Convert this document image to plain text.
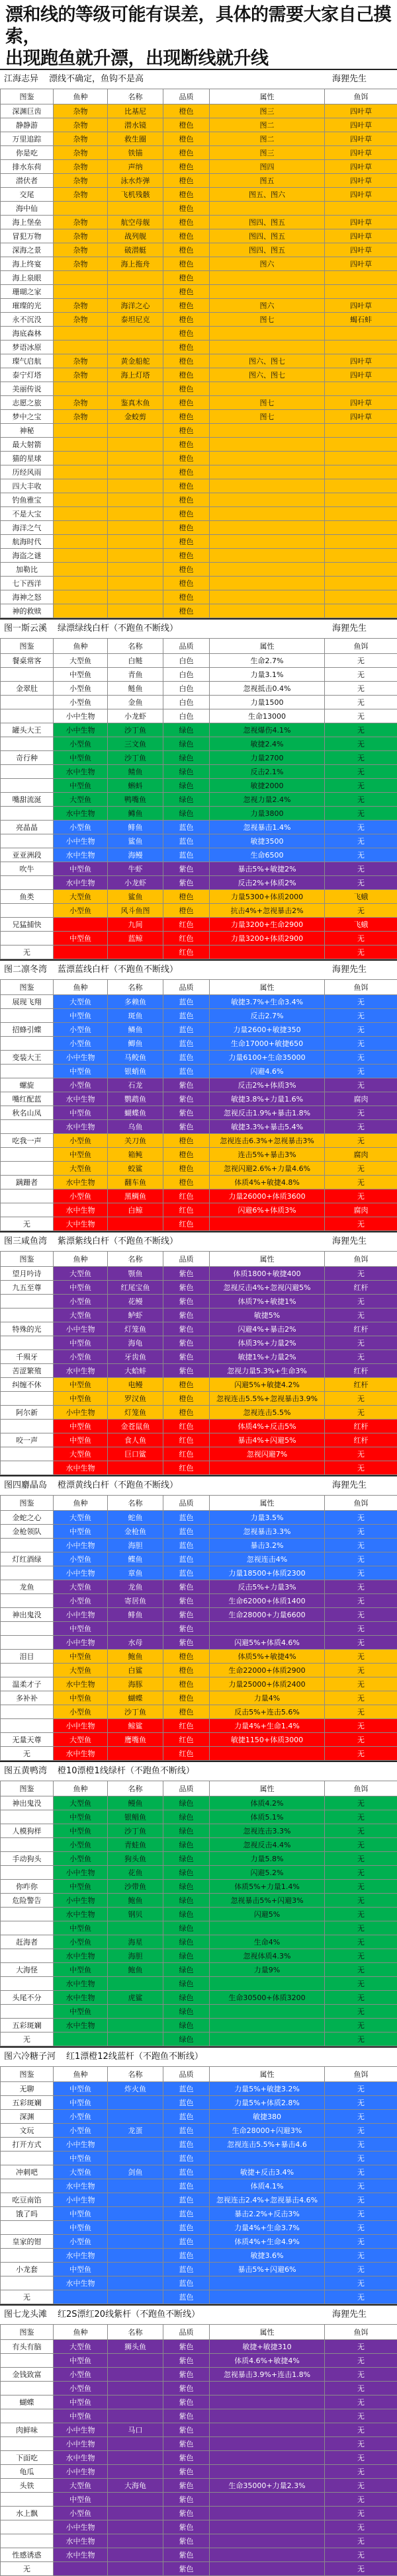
漂和线的等级可能有误差，具体的需要大家自己摸索，
出现跑鱼就升漂，出现断线就升线
江海志异 漂线不确定，鱼钩不是高	海狸先生
图鉴	鱼种	名称	品质	属性	鱼饵
深渊巨齿	杂物	比基尼	橙色	图三	四叶草
静静游	杂物	潜水镜	橙色	图二	四叶草
万里追踪	杂物	救生圈	橙色	图二	四叶草
你是吃	杂物	铁锚	橙色	图三	四叶草
排水东荷	杂物	声纳	橙色	图四	四叶草
潜伏者	杂物	泳水炸弹	橙色	图五	四叶草
交尾	杂物	飞机残骸	橙色	图五、图六	四叶草
海中仙			橙色		
海上堡垒	杂物	航空母舰	橙色	图四、图五	四叶草
冒犯万物	杂物	战列舰	橙色	图四、图五	四叶草
深海之景	杂物	破潜艇	橙色	图四、图五	四叶草
海上终宴	杂物	海上拖舟	橙色	图六	四叶草
海上泉眼			橙色		
珊瑚之家			橙色		
璀璨的光	杂物	海洋之心	橙色	图六	四叶草
永不沉没	杂物	泰坦尼克	橙色	图七	蝎石蚌
海底森林			橙色		
梦语冰原			橙色		
璨气启航	杂物	黄金船舵	橙色	图六、图七	四叶草
泰宁灯塔	杂物	海上灯塔	橙色	图六、图七	四叶草
美丽传说			橙色		
志愿之旅	杂物	鉴真木鱼	橙色	图七	四叶草
梦中之宝	杂物	金蛟剪	橙色	图七	四叶草
神秘			橙色		
最大射箭			橙色		
猫的星球			橙色		
历经风雨			橙色		
四大丰收			橙色		
钓鱼雅宝			橙色		
不是大宝			橙色		
海洋之气			橙色		
航海时代			橙色		
海盗之谜			橙色		
加勒比			橙色		
七下西洋			橙色		
海神之怒			橙色		
神的救赎			橙色		
图一斯云溪 绿漂绿线白杆（不跑鱼不断线）	海狸先生
图鉴	鱼种	名称	品质	属性	鱼饵
餐桌常客	大型鱼	白鲢	白色	生命2.7%	无
	中型鱼	青鱼	白色	力量3.1%	无
金翠肚	小型鱼	鲢鱼	白色	忽视抵击0.4%	无
	小型鱼	金鱼	白色	力量1500	无
	小中生物	小龙虾	白色	生命13000	无
罐头大王	小中生物	沙丁鱼	绿色	忽视爆伤4.1%	无
	小型鱼	三文鱼	绿色	敏捷2.4%	无
奇行种	中型鱼	沙丁鱼	绿色	力量2700	无
	水中生物	鲭鱼	绿色	反击2.1%	无
	中型鱼	蝌蚪	绿色	敏捷2000	无
嘴甜流涎	大型鱼	鸭嘴鱼	绿色	忽视力量2.4%	无
	水中生物	鳟鱼	绿色	力量3800	无
亮晶晶	小型鱼	鲱鱼	蓝色	忽视暴击1.4%	无
	小中生物	鲨鱼	蓝色	敏捷3500	无
亚亚洲段	水中生物	海鳗	蓝色	生命6500	无
吹牛	中型鱼	牛虾	紫色	暴击5%+敏捷2%	无
	水中生物	小龙虾	紫色	反击2%+体质2%	无
鱼类	大型鱼	鲨鱼	橙色	力量5300+体质2000	飞蛾
	小型鱼	风斗鱼图	橙色	抗击4%+忽视暴击2%	无
兄猛捕快		九间	红色	力量3200+生命2900	飞蛾
	中型鱼	蓝鲸	红色	力量3200+体质2900	无
无			红色		无
图二凛冬湾 蓝漂蓝线白杆（不跑鱼不断线）	海狸先生
图鉴	鱼种	名称	品质	属性	鱼饵
展现飞翔	大型鱼	多赖鱼	蓝色	敏捷3.7%+生命3.4%	无
	中型鱼	斑鱼	蓝色	反击2.7%	无
招蜂引蝶	小型鱼	鳞鱼	蓝色	力量2600+敏捷350	无
	小型鱼	鲫鱼	蓝色	生命17000+敏捷650	无
变装大王	小中生物	马鲛鱼	蓝色	力量6100+生命35000	无
	中型鱼	银蛸鱼	蓝色	闪避4.6%	无
螺旋	小型鱼	石龙	紫色	反击2%+体质3%	无
嘴红配蓝	水中生物	鹦鹉鱼	紫色	敏捷3.8%+力量1.6%	腐肉
秋名山凤	中型鱼	蝴蝶鱼	紫色	忽视反击1.9%+暴击1.8%	无
	水中生物	乌鱼	紫色	敏捷3.3%+暴击5.4%	无
吃我一声	小型鱼	关刀鱼	橙色	忽视连击6.3%+忽视暴击3%	无
	中型鱼	箱鲀	橙色	连击5%+暴击3%	腐肉
	大型鱼	蛟鲨	橙色	忽视闪避2.6%+力量4.6%	无
蹒跚者	水中生物	翻车鱼	橙色	体质4%+敏捷4.8%	无
	小型鱼	黑鲷鱼	红色	力量26000+体质3600	无
	水中生物	白鲸	红色	闪避6%+体质3%	腐肉
无	大中生物		红色		无
图三咸鱼湾 紫漂紫线白杆（不跑鱼不断线）	海狸先生
图鉴	鱼种	名称	品质	属性	鱼饵
望月吟诗	大型鱼	颚鱼	紫色	体质1800+敏捷400	无
九五至尊	中型鱼	红尾宝鱼	紫色	忽视反击4%+忽视闪避5%	红杆
	小型鱼	花鳗	紫色	体质7%+敏捷1%	无
	大型鱼	鲈虾	紫色	敏捷5%	无
特殊的光	小中生物	灯笼鱼	紫色	闪避4%+暴击2%	红杆
	中型鱼	海龟	紫色	体质3%+力量2%	无
千殒牙	小型鱼	牙齿鱼	紫色	敏捷1%+力量2%	无
苦涩繁殖	水中生物	大蛤蚌	紫色	忽视力量5.3%+生命3%	红杆
纠缠不休	中型鱼	电鳗	橙色	闪避5%+敏捷4.2%	红杆
	中型鱼	罗汉鱼	橙色	忽视连击5.5%+忽视暴击3.9%	无
阿尔新	小中生物	灯笼鱼	橙色	忽视连击5.5%	无
	中型鱼	金苍鼠鱼	红色	体质4%+反击5%	红杆
咬一声	中型鱼	食人鱼	红色	暴击4%+闪避5%	红杆
	大型鱼	巨口鲨	红色	忽视闪避7%	无
	水中生物		红色		无
图四麝晶岛 橙漂黄线白杆（不跑鱼不断线）	海狸先生
图鉴	鱼种	名称	品质	属性	鱼饵
金蛇之心	大型鱼	蛇鱼	蓝色	力量3.5%	无
金枪领队	中型鱼	金枪鱼	蓝色	忽视暴击3.3%	无
	小中生物	海胆	蓝色	暴击3.2%	无
灯红酒绿	小型鱼	鲽鱼	蓝色	忽视连击4%	无
	小中生物	章鱼	蓝色	力量18500+体质2300	无
龙鱼	大型鱼	龙鱼	紫色	反击5%+力量3%	无
	小型鱼	寄居鱼	紫色	生命62000+体质1400	无
神出鬼没	小中生物	鲱鱼	紫色	生命28000+力量6600	无
	中型鱼		紫色		无
	小中生物	水母	紫色	闪避5%+体质4.6%	无
泪目	中型鱼	鲍鱼	橙色	体质5%+敏捷4%	无
	大型鱼	白鲨	橙色	生命22000+体质2900	无
温柔才子	水中生物	海豚	橙色	力量25000+体质2400	无
多补补	中型鱼	蝴蝶	橙色	力量4%	无
	小型鱼	沙丁鱼	橙色	反击5%+连击5.6%	无
	小中生物	鲸鲨	红色	力量4%+生命1.4%	无
无量天尊	大型鱼	鹰嘴鱼	红色	敏捷1150+体质3000	无
无	水中生物		红色		无
图五黄鸭湾 橙10漂橙1线绿杆（不跑鱼不断线）
图鉴	鱼种	名称	品质	属性	鱼饵
神出鬼没	大型鱼	鳗鱼	绿色	体质4.2%	无
	中型鱼	银鲳鱼	绿色	体质5.1%	无
人模狗样	中型鱼	沙丁鱼	绿色	忽视连击3.3%	无
	小型鱼	青蛙鱼	绿色	忽视反击4.4%	无
手动狗头	小型鱼	狗头鱼	绿色	力量5.8%	无
	小中生物	花鱼	绿色	闪避5.2%	无
你咋你	中型鱼	沙带鱼	绿色	体质5%+力量1.4%	无
危险警告	小中生物	鲍鱼	绿色	忽视暴击5%+闪避3%	无
	水中生物	钢贝	绿色	闪避5%	无
	中型鱼		绿色		无
赶海者	小型鱼	海星	绿色	生命4%	无
	水中生物	海胆	绿色	忽视体质4.3%	无
大海怪	中型鱼	鲍鱼	绿色	力量9%	无
	水中生物		绿色		无
头尾不分	水中生物	虎鲨	绿色	生命30500+体质3200	无
	中型鱼		绿色		无
五彩斑斓	水中生物		绿色		无
无			绿色		无
图六冷糖子河 红1漂橙12线蓝杆（不跑鱼不断线）
图鉴	鱼种	名称	品质	属性	鱼饵
无聊	中型鱼	炸火鱼	蓝色	力量5%+敏捷3.2%	无
五彩斑斓	中型鱼		蓝色	力量5%+体质2.8%	无
深渊	小型鱼		蓝色	敏捷380	无
文玩	小型鱼	龙蛋	蓝色	生命28000+闪避3%	无
打开方式	小中生物		蓝色	忽视连击5.5%+暴击4.6	无
	中型鱼		蓝色		无
冲刺吧	大型鱼	剑鱼	蓝色	敏捷+反击3.4%	无
	水中生物		蓝色	体质4.1%	无
吃豆南馅	小中生物		蓝色	忽视连击2.4%+忽视暴击4.6%	无
饿了吗	中型鱼		蓝色	暴击2.2%+反击3%	无
	中型鱼		蓝色	力量4%+生命3.7%	无
皇家的钳	小型鱼		蓝色	体质4%+生命4.9%	无
	水中生物		蓝色	敏捷3.6%	无
小龙套	中型鱼		蓝色	暴击5%+闪避6%	无
	水中生物		蓝色		无
无			蓝色		无
图七龙头滩 红2S漂红20线紫杆（不跑鱼不断线）	海狸先生
图鉴	鱼种	名称	品质	属性	鱼饵
有头有脑	大型鱼	狮头鱼	紫色	敏捷+敏捷310	无
	中型鱼		紫色	体质4.6%+敏捷4%	无
金钱致富	小型鱼		紫色	忽视暴击3.9%+连击1.8%	无
	小型鱼		紫色		无
蝴蝶	中型鱼		紫色		无
	中型鱼		紫色		无
肉鲜味	小中生物	马口	紫色		无
	小中生物		紫色		无
下面吃	水中生物		紫色		无
龟瓜	小中生物		紫色		无
头铁	大型鱼	大海龟	紫色	生命35000+力量2.3%	无
	中型鱼		紫色		无
水上飘	小型鱼		紫色		无
	小中生物		紫色		无
	水中生物		紫色		无
性感诱惑	水中生物		紫色		无
无			紫色		无
